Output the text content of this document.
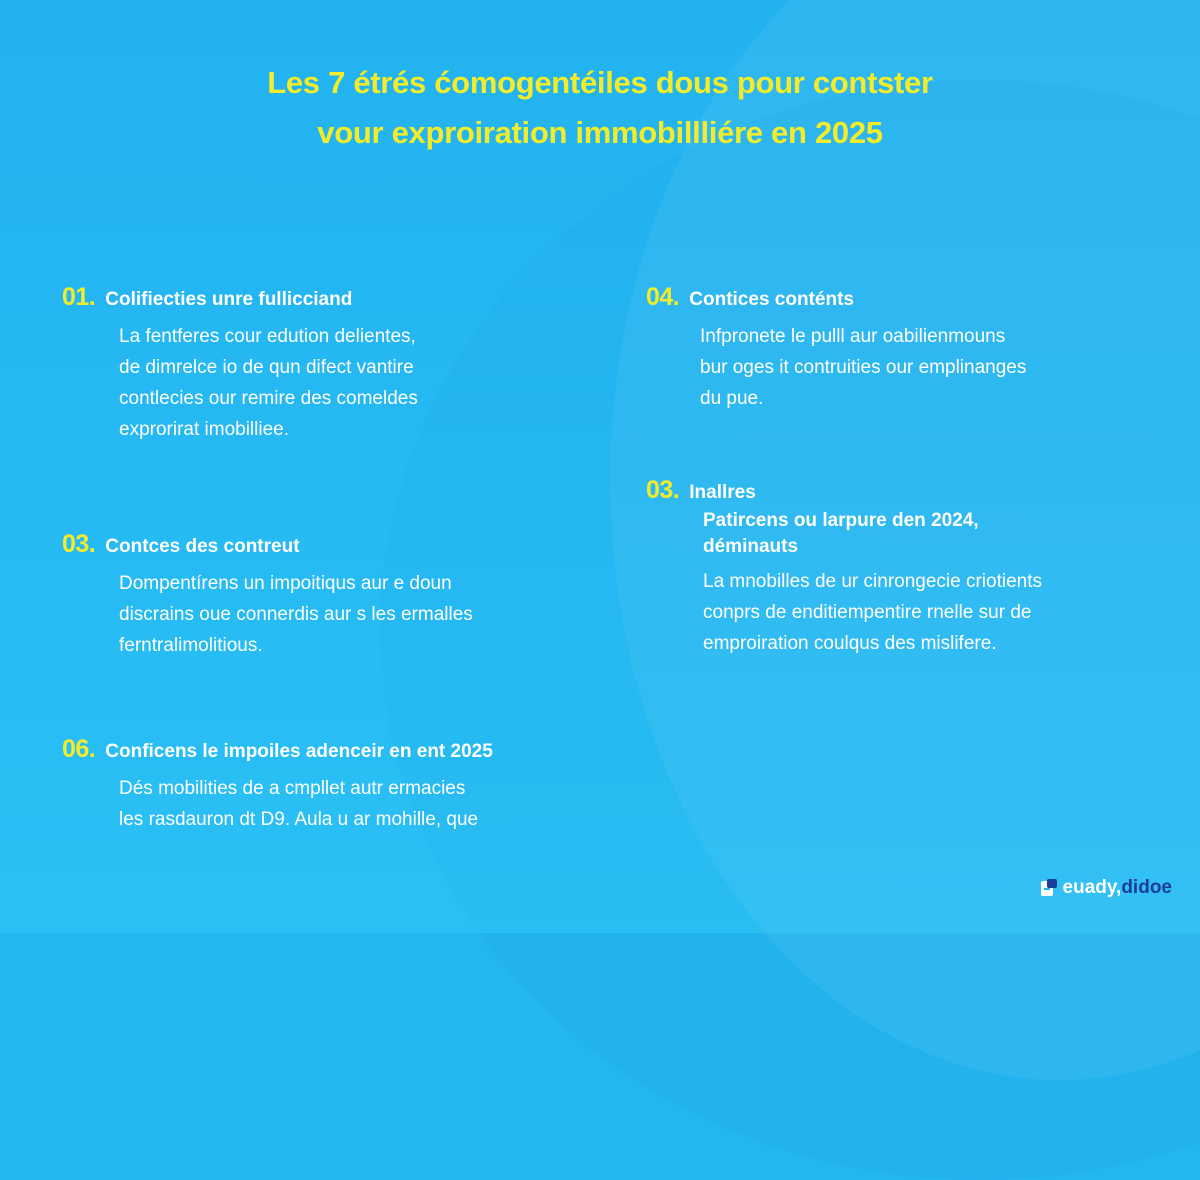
Les 7 étrés ćomogentéiles dous pour contster
vour exproiration immobillliére en 2025
01. Colifiecties unre fullicciand
La fentferes cour edution delientes,
de dimrelce io de qun difect vantire
contlecies our remire des comeldes
exprorirat imobilliee.
03. Contces des contreut
Dompentírens un impoitiqus aur e doun
discrains oue connerdis aur s les ermalles
ferntralimolitious.
06. Conficens le impoiles adenceir en ent 2025
Dés mobilities de a cmpllet autr ermacies
les rasdauron dt D9. Aula u ar mohille, que
04. Contices conténts
Infpronete le pulll aur oabilienmouns
bur oges it contruities our emplinanges
du pue.
03. Inallres
Patircens ou larpure den 2024,
déminauts
La mnobilles de ur cinrongecie criotients
conprs de enditiempentire rnelle sur de
emproiration coulqus des mislifere.
euady, didoe
